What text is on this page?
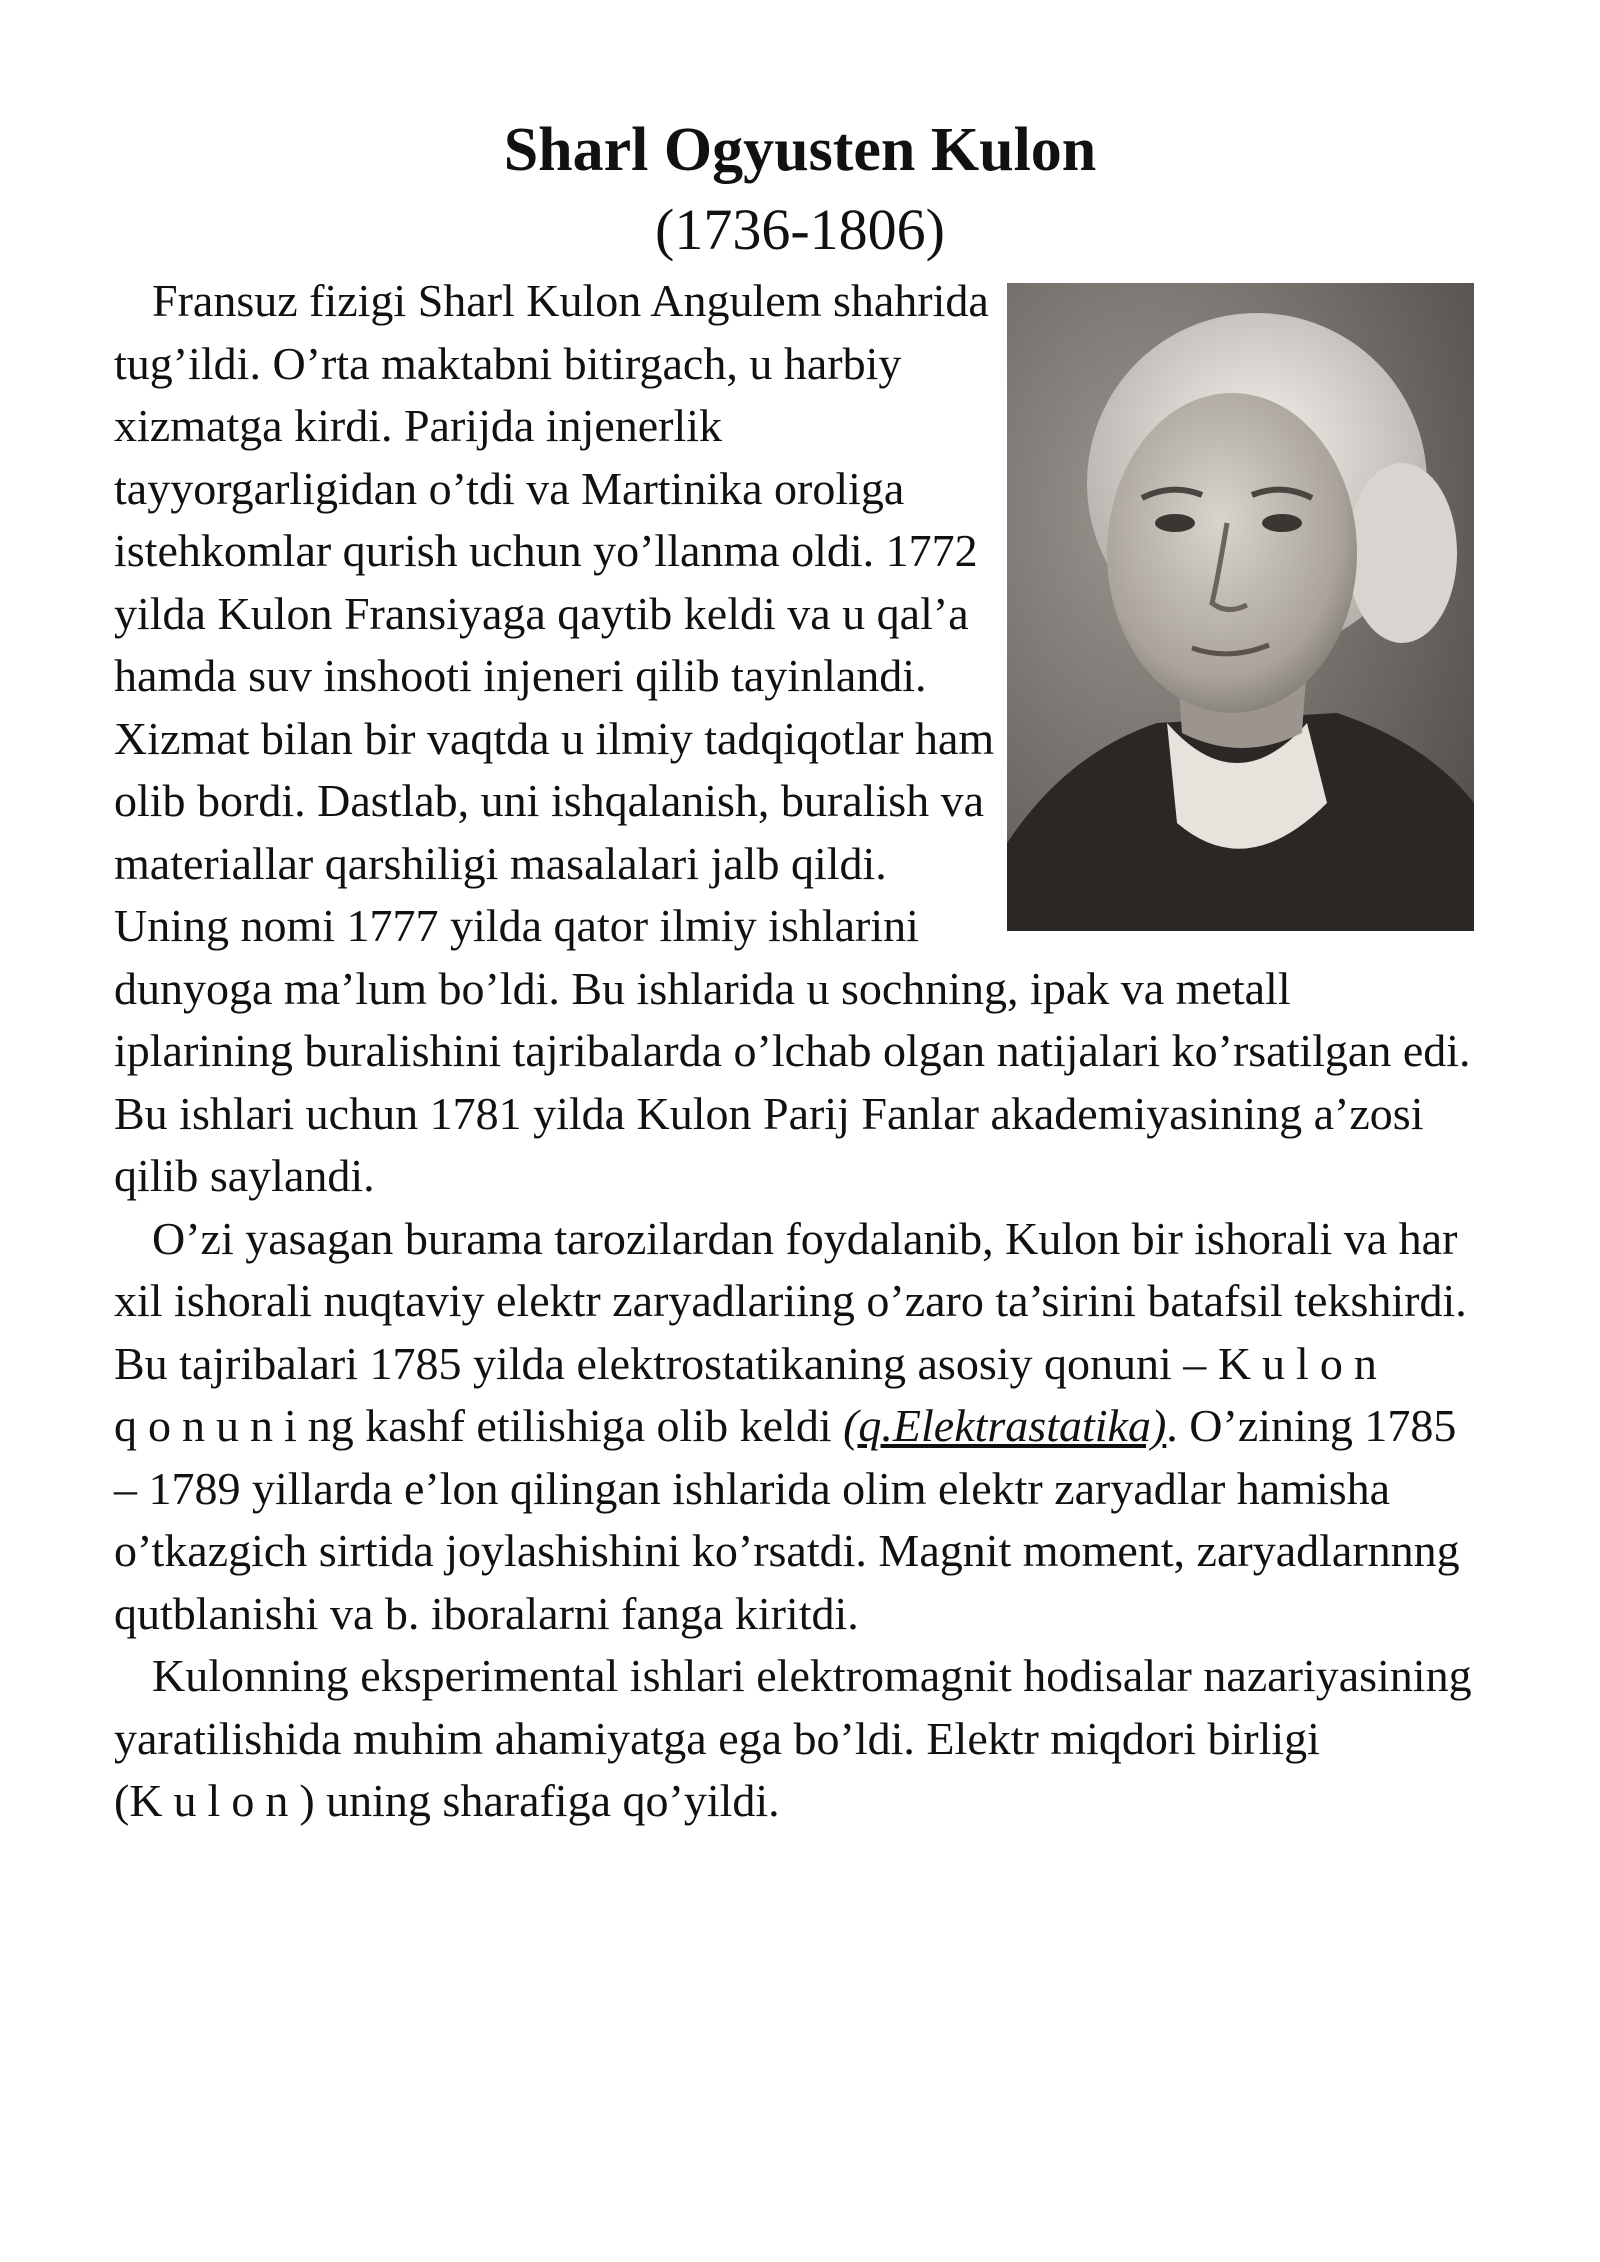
Sharl Ogyusten Kulon
(1736-1806)

Fransuz fizigi Sharl Kulon Angulem shahrida tug’ildi. O’rta maktabni bitirgach, u harbiy xizmatga kirdi. Parijda injenerlik tayyorgarligidan o’tdi va Martinika oroliga istehkomlar qurish uchun yo’llanma oldi. 1772 yilda Kulon Fransiyaga qaytib keldi va u qal’a hamda suv inshooti injeneri qilib tayinlandi. Xizmat bilan bir vaqtda u ilmiy tadqiqotlar ham olib bordi. Dastlab, uni ishqalanish, buralish va materiallar qarshiligi masalalari jalb qildi. Uning nomi 1777 yilda qator ilmiy ishlarini dunyoga ma’lum bo’ldi. Bu ishlarida u sochning, ipak va metall iplarining buralishini tajribalarda o’lchab olgan natijalari ko’rsatilgan edi. Bu ishlari uchun 1781 yilda Kulon Parij Fanlar akademiyasining a’zosi qilib saylandi.

O’zi yasagan burama tarozilardan foydalanib, Kulon bir ishorali va har xil ishorali nuqtaviy elektr zaryadlariing o’zaro ta’sirini batafsil tekshirdi. Bu tajribalari 1785 yilda elektrostatikaning asosiy qonuni – Kulon qonuning kashf etilishiga olib keldi (q.Elektrastatika). O’zining 1785 – 1789 yillarda e’lon qilingan ishlarida olim elektr zaryadlar hamisha o’tkazgich sirtida joylashishini ko’rsatdi. Magnit moment, zaryadlarnnng qutblanishi va b. iboralarni fanga kiritdi.

Kulonning eksperimental ishlari elektromagnit hodisalar nazariyasining yaratilishida muhim ahamiyatga ega bo’ldi. Elektr miqdori birligi (Kulon) uning sharafiga qo’yildi.
